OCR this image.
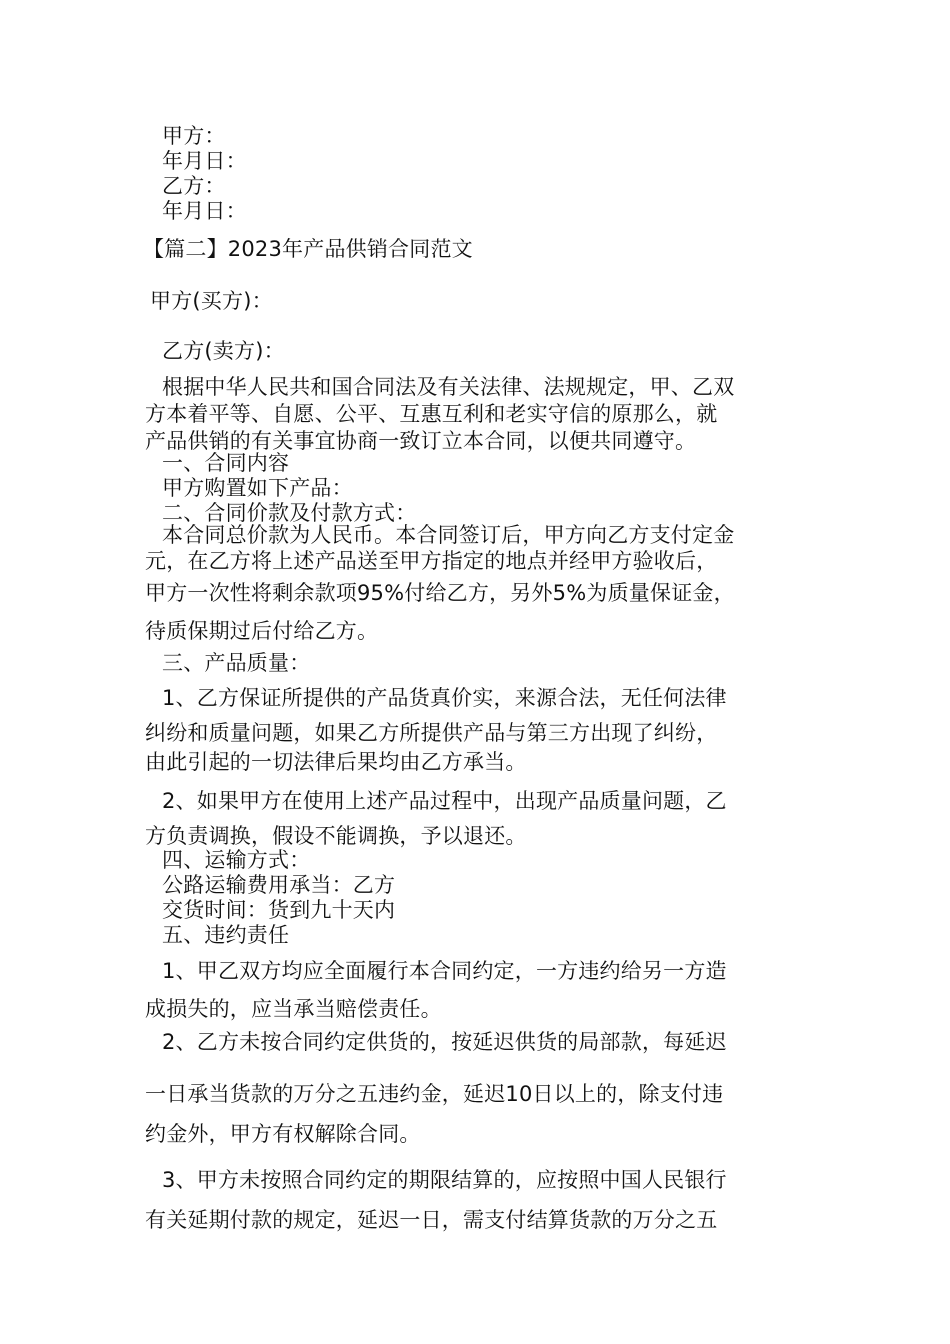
甲方：
年月日：
乙方：
年月日：
【篇二】2023年产品供销合同范文
甲方(买方)：
乙方(卖方)：
根据中华人民共和国合同法及有关法律、法规规定，甲、乙双
方本着平等、自愿、公平、互惠互利和老实守信的原那么，就
产品供销的有关事宜协商一致订立本合同，以便共同遵守。
一、合同内容
甲方购置如下产品：
二、合同价款及付款方式：
本合同总价款为人民币。本合同签订后，甲方向乙方支付定金
元，在乙方将上述产品送至甲方指定的地点并经甲方验收后，
甲方一次性将剩余款项95%付给乙方，另外5%为质量保证金，
待质保期过后付给乙方。
三、产品质量：
1、乙方保证所提供的产品货真价实，来源合法，无任何法律
纠纷和质量问题，如果乙方所提供产品与第三方出现了纠纷，
由此引起的一切法律后果均由乙方承当。
2、如果甲方在使用上述产品过程中，出现产品质量问题，乙
方负责调换，假设不能调换，予以退还。
四、运输方式：
公路运输费用承当：乙方
交货时间：货到九十天内
五、违约责任
1、甲乙双方均应全面履行本合同约定，一方违约给另一方造
成损失的，应当承当赔偿责任。
2、乙方未按合同约定供货的，按延迟供货的局部款，每延迟
一日承当货款的万分之五违约金，延迟10日以上的，除支付违
约金外，甲方有权解除合同。
3、甲方未按照合同约定的期限结算的，应按照中国人民银行
有关延期付款的规定，延迟一日，需支付结算货款的万分之五
